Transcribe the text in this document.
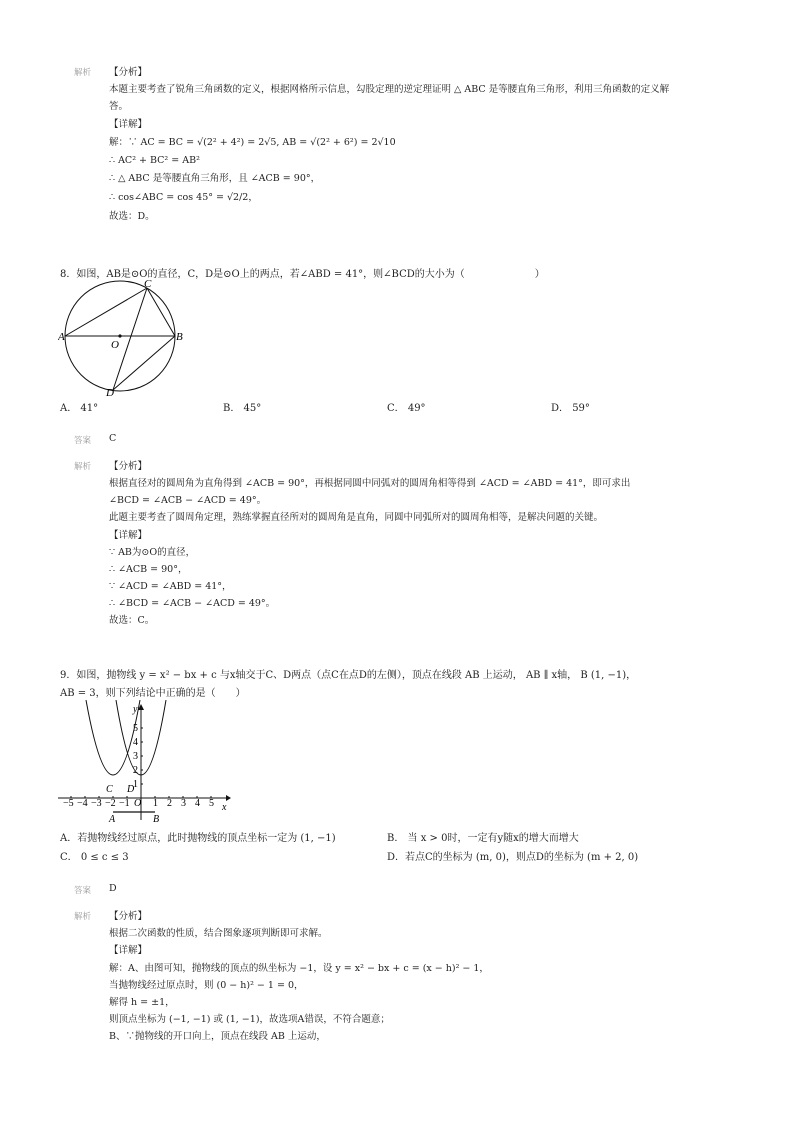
解析 【分析】
本题主要考查了锐角三角函数的定义，根据网格所示信息，勾股定理的逆定理证明 △ ABC 是等腰直角三角形，利用三角函数的定义解
答。
【详解】
解：∵ AC = BC = √(2² + 4²) = 2√5, AB = √(2² + 6²) = 2√10
∴ AC² + BC² = AB²
∴ △ ABC 是等腰直角三角形，且 ∠ACB = 90°，
∴ cos∠ABC = cos 45° = √2/2，
故选：D。
8．如图，AB是⊙O的直径，C，D是⊙O上的两点，若∠ABD = 41°，则∠BCD的大小为（　　　　　　　）
C
A
O
B
D
A． 41°	B． 45°	C． 49°	D． 59°
答案 C
解析 【分析】
根据直径对的圆周角为直角得到 ∠ACB = 90°，再根据同圆中同弧对的圆周角相等得到 ∠ACD = ∠ABD = 41°，即可求出
∠BCD = ∠ACB − ∠ACD = 49°。
此题主要考查了圆周角定理，熟练掌握直径所对的圆周角是直角，同圆中同弧所对的圆周角相等，是解决问题的关键。
【详解】
∵ AB为⊙O的直径，
∴ ∠ACB = 90°，
∵ ∠ACD = ∠ABD = 41°，
∴ ∠BCD = ∠ACB − ∠ACD = 49°。
故选：C。
9．如图，抛物线 y = x² − bx + c 与x轴交于C、D两点（点C在点D的左侧），顶点在线段 AB 上运动， AB ∥ x轴， B (1, −1)，
AB = 3，则下列结论中正确的是（　　）
y
x
−5 −4 −3 −2 −1 O 1 2 3 4 5
5
4
3
2
1
C D
A	B
A．若抛物线经过原点，此时抛物线的顶点坐标一定为 (1, −1)	B． 当 x > 0时，一定有y随x的增大而增大
C． 0 ≤ c ≤ 3	D．若点C的坐标为 (m, 0)，则点D的坐标为 (m + 2, 0)
答案 D
解析 【分析】
根据二次函数的性质，结合图象逐项判断即可求解。
【详解】
解：A、由图可知，抛物线的顶点的纵坐标为 −1，设 y = x² − bx + c = (x − h)² − 1，
当抛物线经过原点时，则 (0 − h)² − 1 = 0，
解得 h = ±1，
则顶点坐标为 (−1, −1) 或 (1, −1)，故选项A错误，不符合题意；
B、∵抛物线的开口向上，顶点在线段 AB 上运动，
